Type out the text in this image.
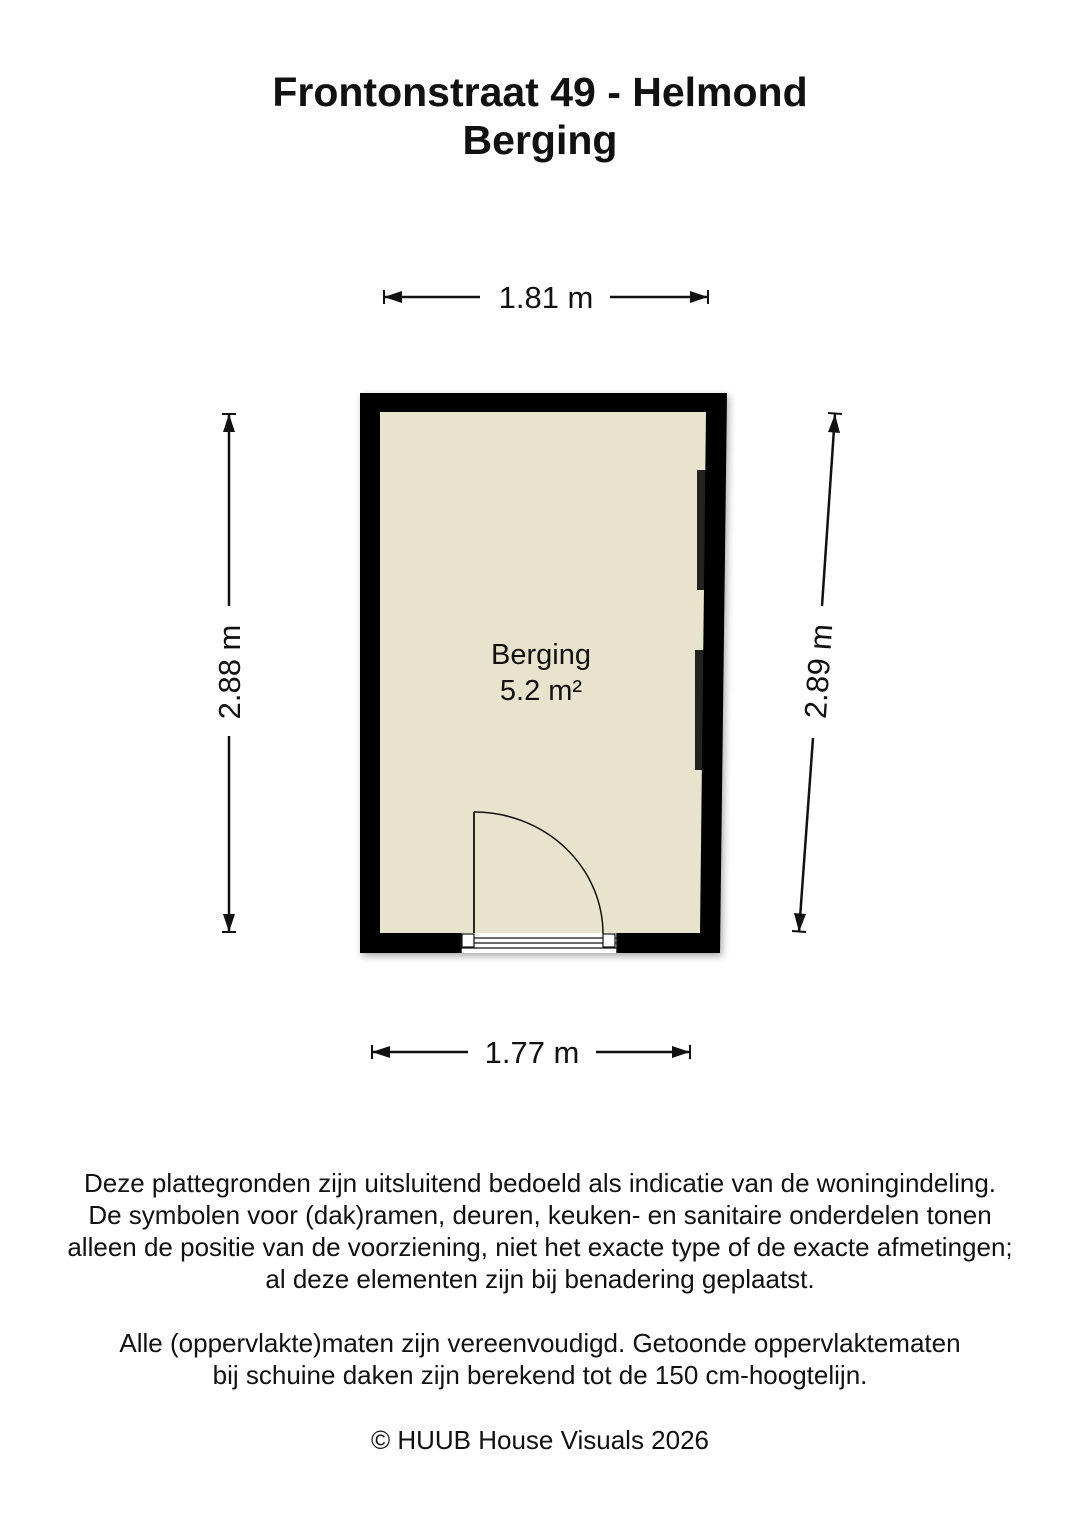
Frontonstraat 49 - Helmond
Berging
1.81 m
1.77 m
2.88 m	2.89 m
Berging
5.2 m²
Deze plattegronden zijn uitsluitend bedoeld als indicatie van de woningindeling.
De symbolen voor (dak)ramen, deuren, keuken- en sanitaire onderdelen tonen
alleen de positie van de voorziening, niet het exacte type of de exacte afmetingen;
al deze elementen zijn bij benadering geplaatst.
Alle (oppervlakte)maten zijn vereenvoudigd. Getoonde oppervlaktematen
bij schuine daken zijn berekend tot de 150 cm-hoogtelijn.
© HUUB House Visuals 2026
